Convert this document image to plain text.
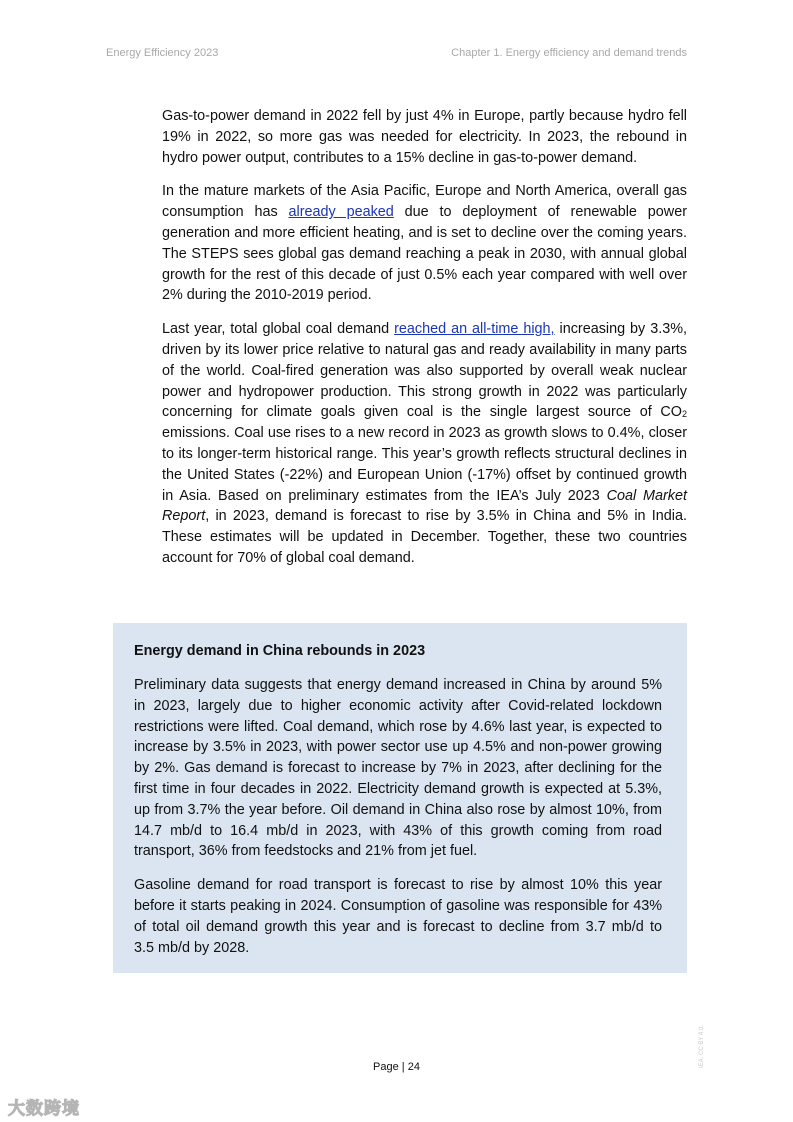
Energy Efficiency 2023	Chapter 1. Energy efficiency and demand trends
Gas-to-power demand in 2022 fell by just 4% in Europe, partly because hydro fell
19% in 2022, so more gas was needed for electricity. In 2023, the rebound in
hydro power output, contributes to a 15% decline in gas-to-power demand.
In the mature markets of the Asia Pacific, Europe and North America, overall gas
consumption has already peaked due to deployment of renewable power
generation and more efficient heating, and is set to decline over the coming years.
The STEPS sees global gas demand reaching a peak in 2030, with annual global
growth for the rest of this decade of just 0.5% each year compared with well over
2% during the 2010-2019 period.
Last year, total global coal demand reached an all-time high, increasing by 3.3%,
driven by its lower price relative to natural gas and ready availability in many parts
of the world. Coal-fired generation was also supported by overall weak nuclear
power and hydropower production. This strong growth in 2022 was particularly
concerning for climate goals given coal is the single largest source of $CO_2$
emissions. Coal use rises to a new record in 2023 as growth slows to 0.4%, closer
to its longer-term historical range. This year’s growth reflects structural declines in
the United States (-22%) and European Union (-17%) offset by continued growth
in Asia. Based on preliminary estimates from the IEA’s July 2023 Coal Market
Report, in 2023, demand is forecast to rise by 3.5% in China and 5% in India.
These estimates will be updated in December. Together, these two countries
account for 70% of global coal demand.
Energy demand in China rebounds in 2023
Preliminary data suggests that energy demand increased in China by around 5%
in 2023, largely due to higher economic activity after Covid-related lockdown
restrictions were lifted. Coal demand, which rose by 4.6% last year, is expected to
increase by 3.5% in 2023, with power sector use up 4.5% and non-power growing
by 2%. Gas demand is forecast to increase by 7% in 2023, after declining for the
first time in four decades in 2022. Electricity demand growth is expected at 5.3%,
up from 3.7% the year before. Oil demand in China also rose by almost 10%, from
14.7 mb/d to 16.4 mb/d in 2023, with 43% of this growth coming from road
transport, 36% from feedstocks and 21% from jet fuel.
Gasoline demand for road transport is forecast to rise by almost 10% this year
before it starts peaking in 2024. Consumption of gasoline was responsible for 43%
of total oil demand growth this year and is forecast to decline from 3.7 mb/d to
3.5 mb/d by 2028.
Page | 24	IEA. CC BY 4.0.
大数跨境
